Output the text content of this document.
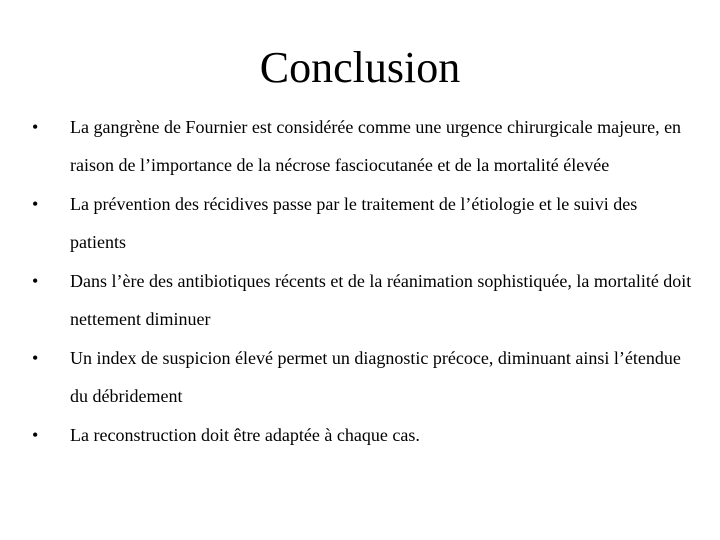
Conclusion
•	La gangrène de Fournier est considérée comme une urgence chirurgicale majeure, en raison de l’importance de la nécrose fasciocutanée et de la mortalité élevée
•	La prévention des récidives passe par le traitement de l’étiologie et le suivi des patients
•	Dans l’ère des antibiotiques récents et de la réanimation sophistiquée, la mortalité doit nettement diminuer
•	Un index de suspicion élevé permet un diagnostic précoce, diminuant ainsi l’étendue du débridement
•	La reconstruction doit être adaptée à chaque cas.
